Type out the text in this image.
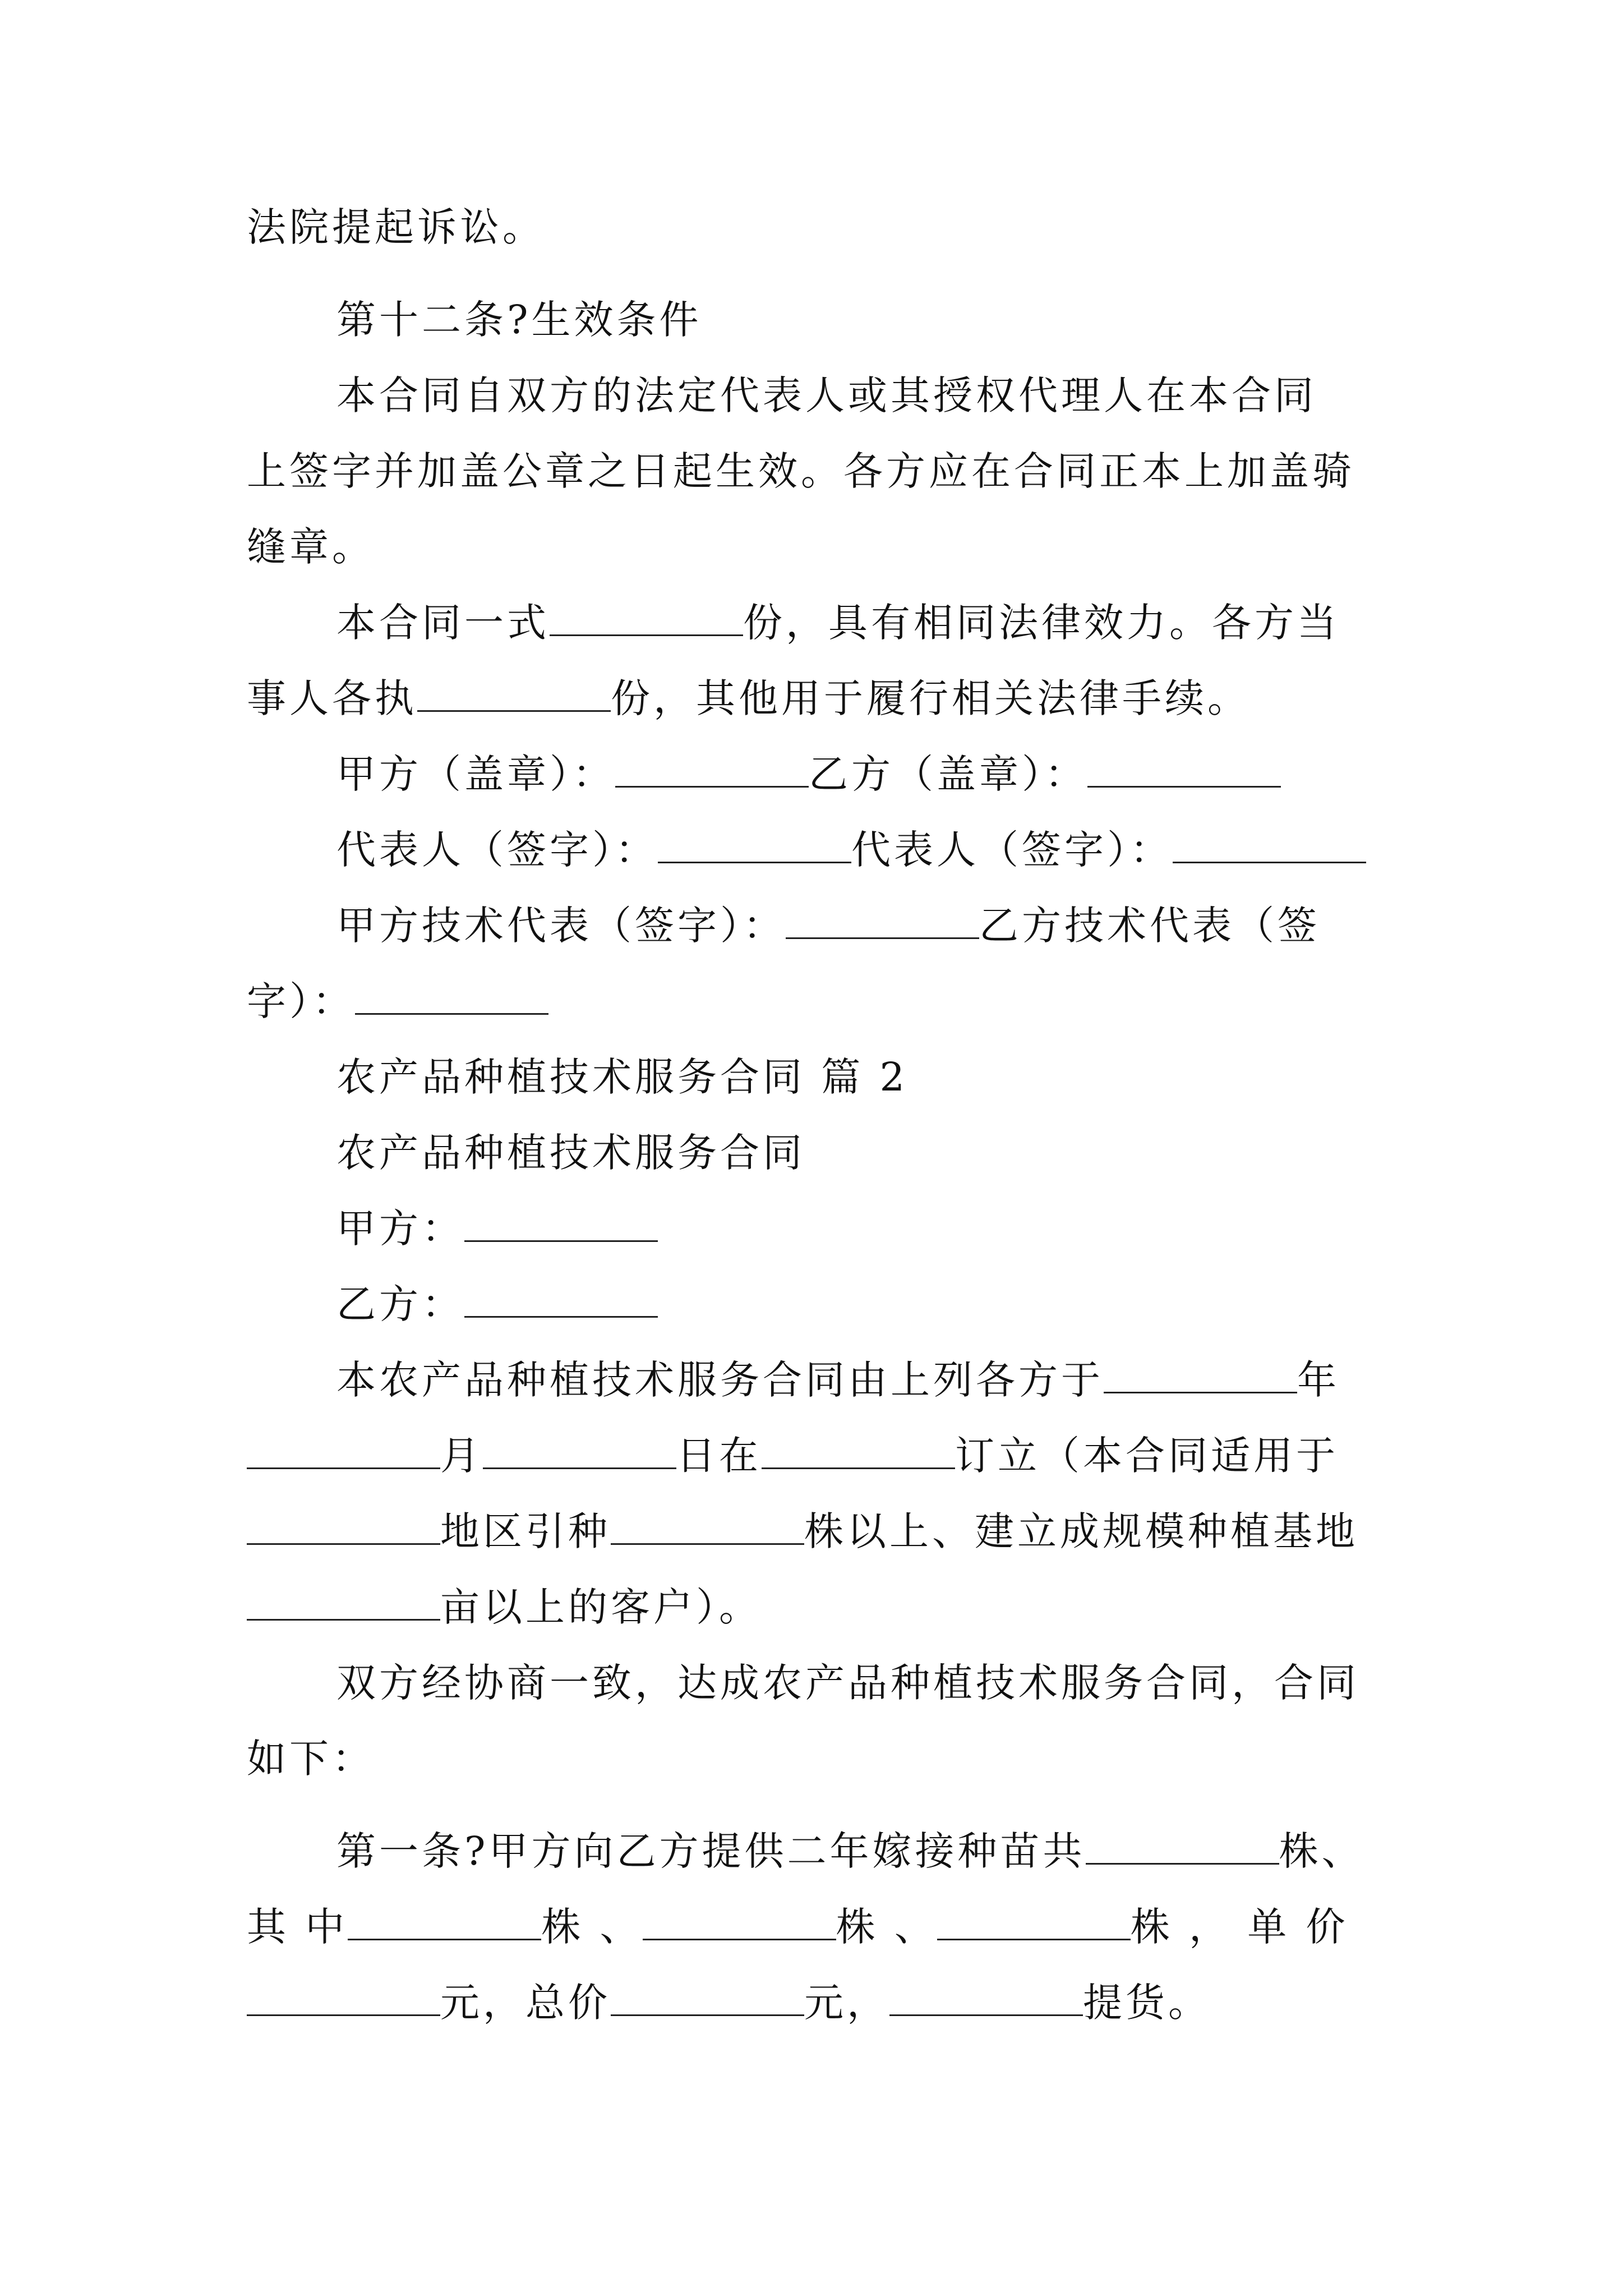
法院提起诉讼。
第十二条?生效条件
本合同自双方的法定代表人或其授权代理人在本合同
上签字并加盖公章之日起生效。各方应在合同正本上加盖骑
缝章。
本合同一式	份，具有相同法律效力。各方当
事人各执	份，其他用于履行相关法律手续。
甲方（盖章）：	乙方（盖章）：
代表人（签字）：	代表人（签字）：
甲方技术代表（签字）：	乙方技术代表（签
字）：
农产品种植技术服务合同 篇 2
农产品种植技术服务合同
甲方：
乙方：
本农产品种植技术服务合同由上列各方于	年
月	日在	订立（本合同适用于
地区引种	株以上、建立成规模种植基地
亩以上的客户）。
双方经协商一致，达成农产品种植技术服务合同，合同
如下：
第一条?甲方向乙方提供二年嫁接种苗共	株、
其 中	株 、	株 、	株 ， 单 价
元，总价	元，	提货。
